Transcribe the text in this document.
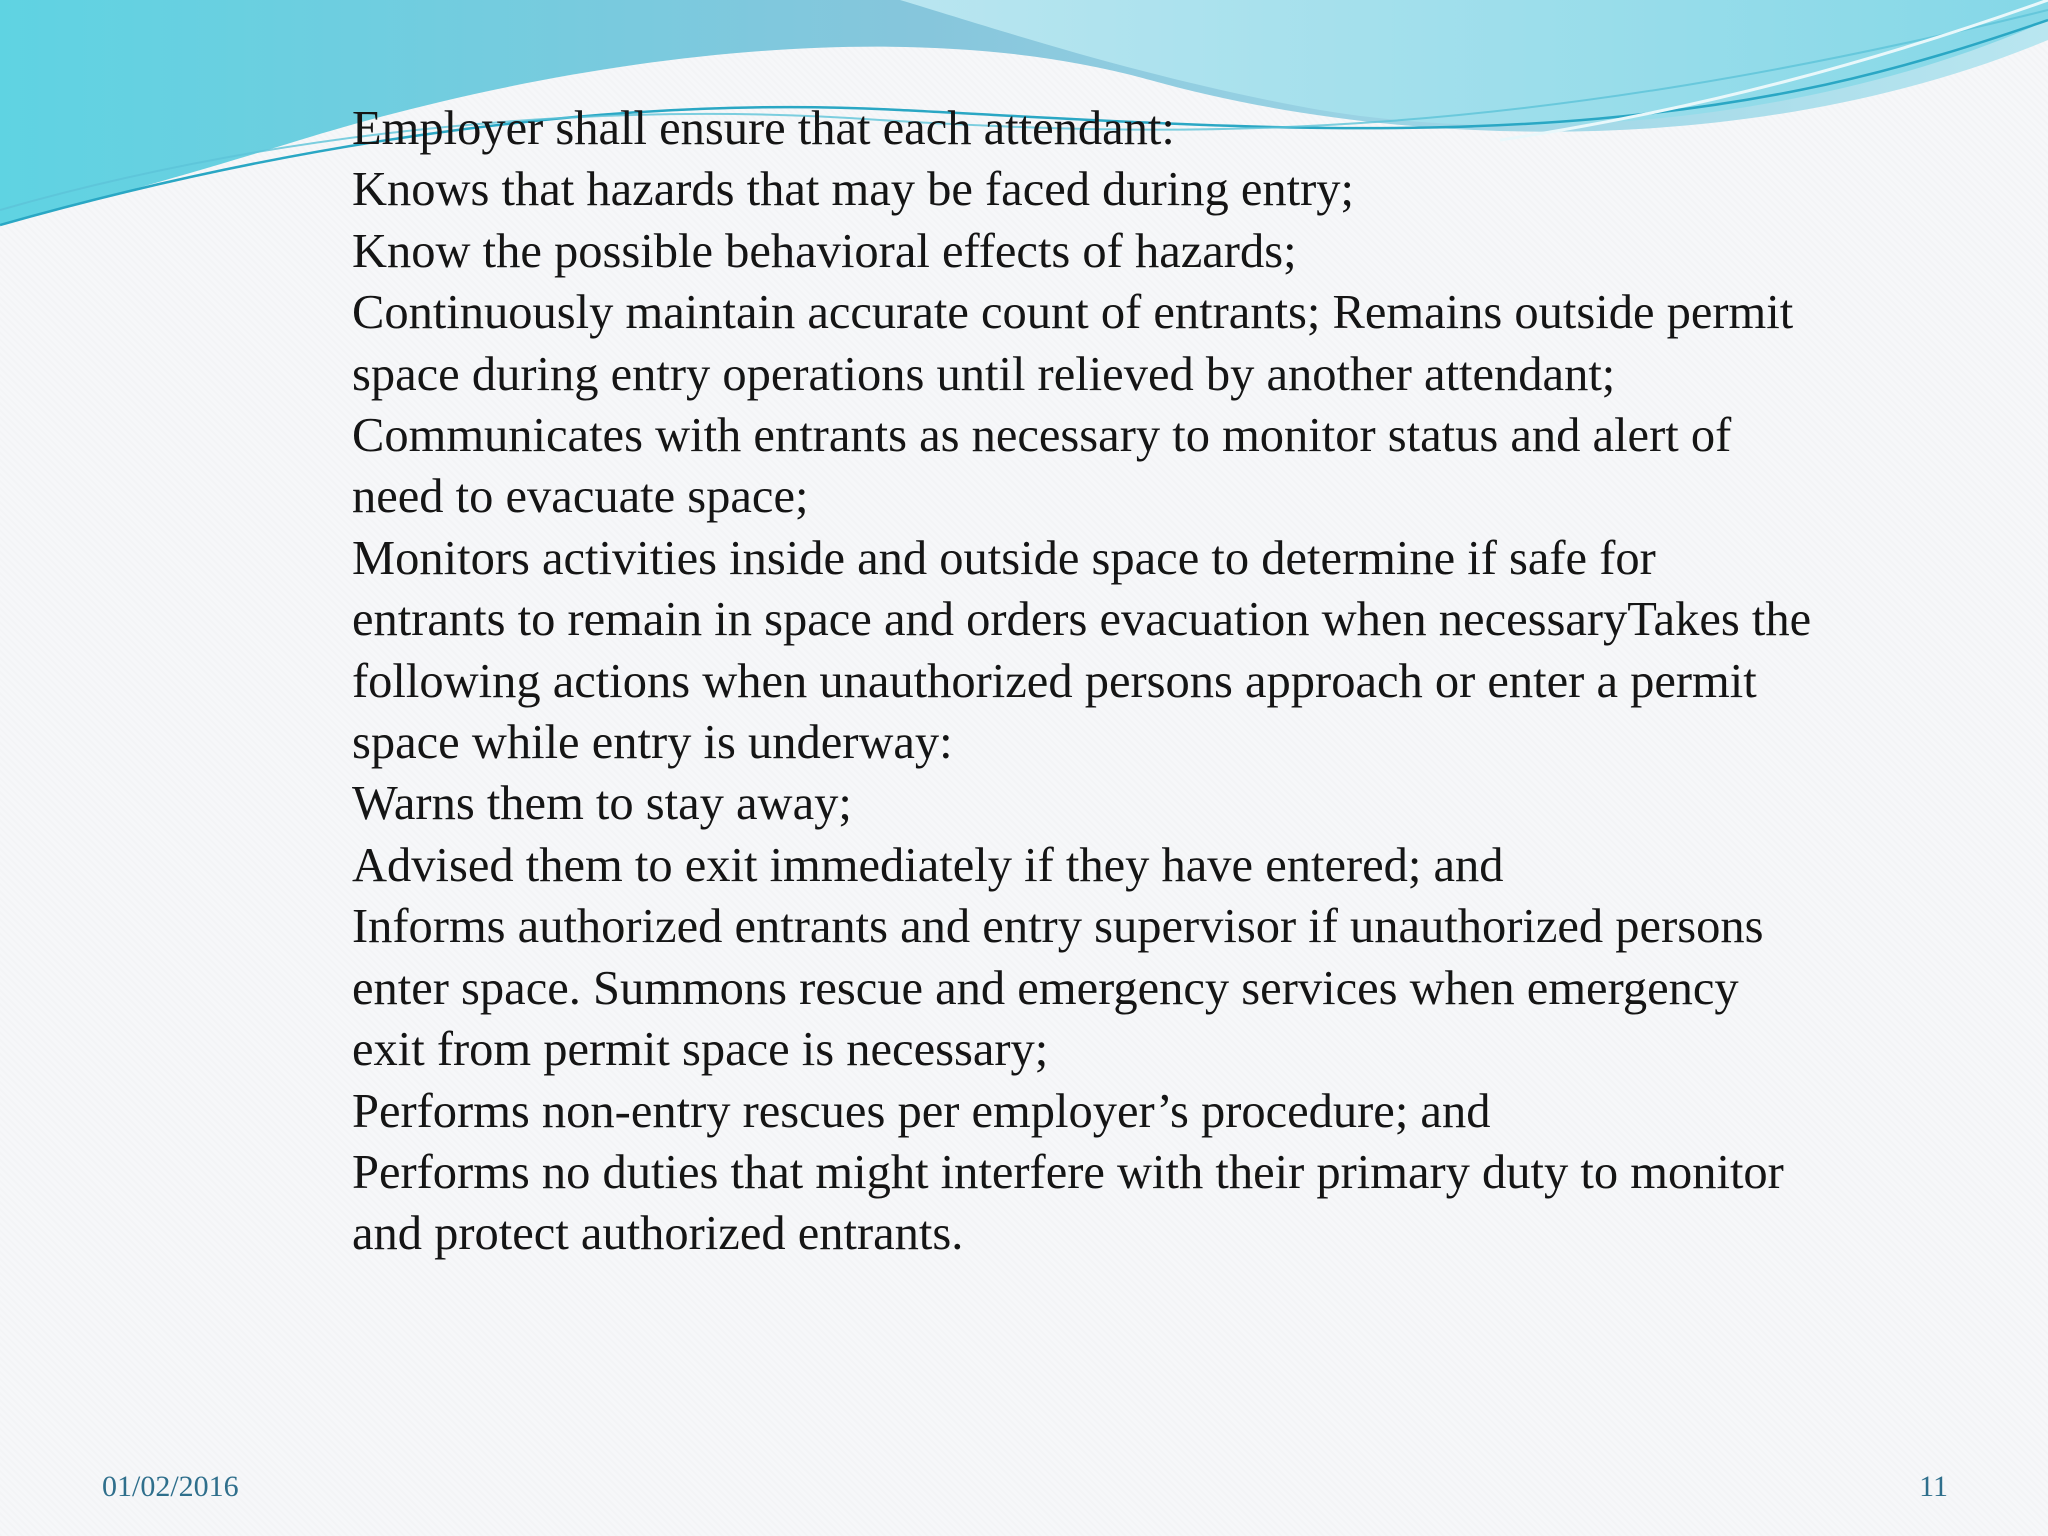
Employer shall ensure that each attendant:

Knows that hazards that may be faced during entry;

Know the possible behavioral effects of hazards;

Continuously maintain accurate count of entrants; Remains outside permit space during entry operations until relieved by another attendant;

Communicates with entrants as necessary to monitor status and alert of need to evacuate space;

Monitors activities inside and outside space to determine if safe for entrants to remain in space and orders evacuation when necessaryTakes the following actions when unauthorized persons approach or enter a permit space while entry is underway:

Warns them to stay away;

Advised them to exit immediately if they have entered; and

Informs authorized entrants and entry supervisor if unauthorized persons enter space. Summons rescue and emergency services when emergency exit from permit space is necessary;

Performs non-entry rescues per employer’s procedure; and

Performs no duties that might interfere with their primary duty to monitor and protect authorized entrants.

01/02/2016	11
